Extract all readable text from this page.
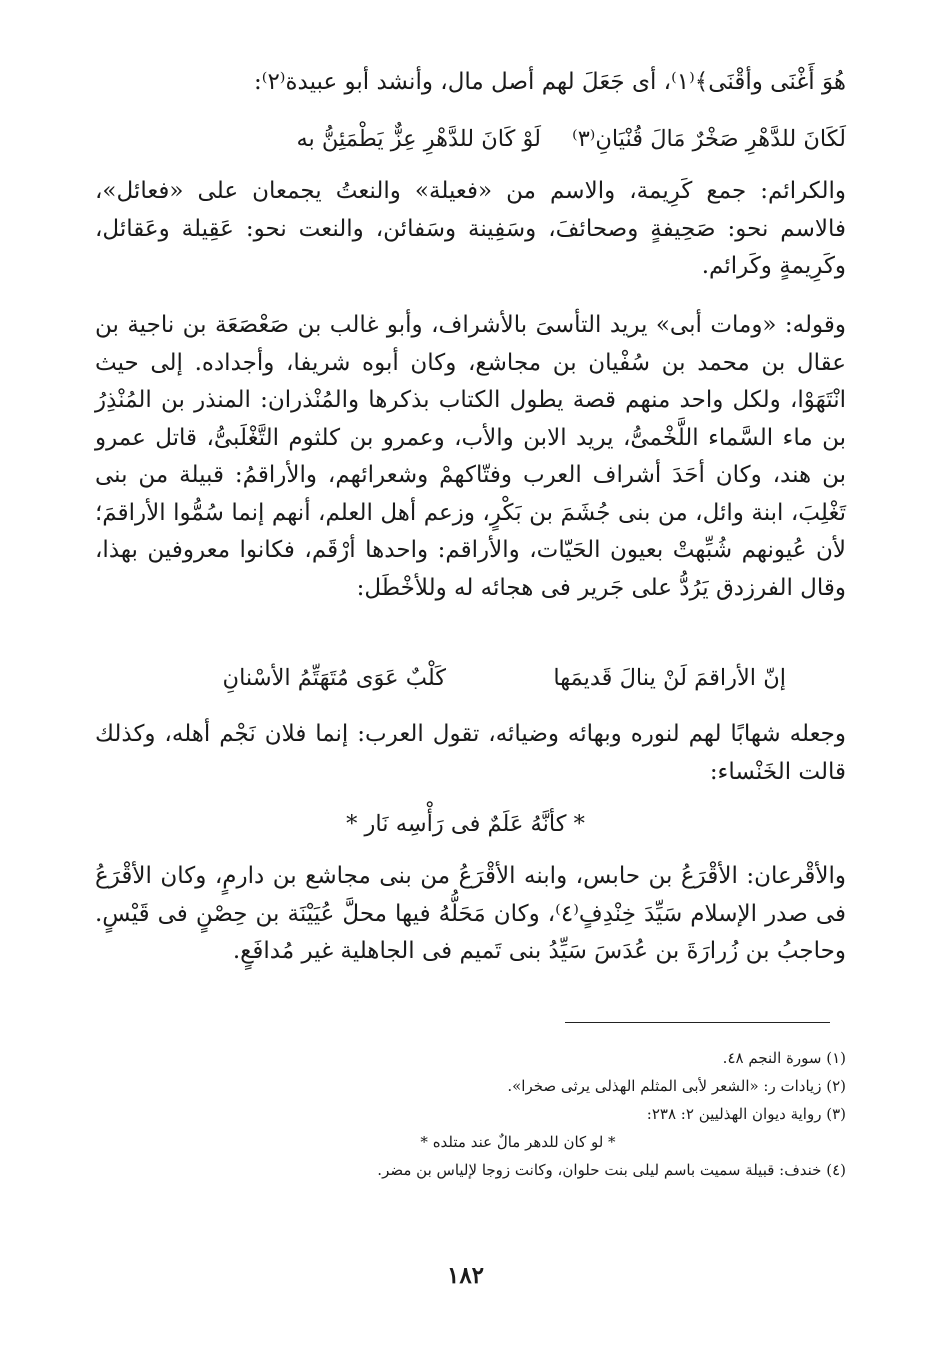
هُوَ أَغْنَى وأقْنَى﴾⁽١⁾، أى جَعَلَ لهم أصل مال، وأنشد أبو عبيدة⁽٢⁾:
لَوْ كَانَ للدَّهْرِ عِزٌّ يَطْمَئِنُّ به لَكَانَ للدَّهْرِ صَخْرٌ مَالَ قُنْيَانِ⁽٣⁾
والكرائم: جمع كَرِيمة، والاسم من «فعيلة» والنعتُ يجمعان على «فعائل»، فالاسم نحو: صَحِيفةٍ وصحائفَ، وسَفِينة وسَفائن، والنعت نحو: عَقِيلة وعَقائل، وكَرِيمةٍ وكَرائم.
وقوله: «ومات أبى» يريد التأسىَ بالأشراف، وأبو غالب بن صَعْصَعَة بن ناجية بن عقال بن محمد بن سُفْيان بن مجاشع، وكان أبوه شريفا، وأجداده. إلى حيث انْتَهَوْا، ولكل واحد منهم قصة يطول الكتاب بذكرها والمُنْذران: المنذر بن المُنْذِرُ بن ماء السَّماء اللَّخْمىُّ، يريد الابن والأب، وعمرو بن كلثوم التَّغْلَبىُّ، قاتل عمرو بن هند، وكان أحَدَ أشراف العرب وفتّاكهمْ وشعرائهم، والأراقمُ: قبيلة من بنى تَغْلِبَ، ابنة وائل، من بنى جُشَمَ بن بَكْرٍ، وزعم أهل العلم، أنهم إنما سُمُّوا الأراقمَ؛ لأن عُيونهم شُبِّهتْ بعيون الحَيّات، والأراقم: واحدها أرْقَم، فكانوا معروفين بهذا، وقال الفرزدق يَرُدُّ على جَرير فى هجائه له وللأخْطَل:
إنّ الأراقمَ لَنْ ينالَ قَديمَها
كَلْبٌ عَوَى مُتَهَتِّمُ الأسْنانِ
وجعله شهابًا لهم لنوره وبهائه وضيائه، تقول العرب: إنما فلان نَجْم أهله، وكذلك قالت الخَنْساء:
* كأنَّهُ عَلَمٌ فى رَأْسِه نَار *
والأقْرعان: الأقْرَعُ بن حابس، وابنه الأقْرَعُ من بنى مجاشع بن دارمٍ، وكان الأقْرَعُ فى صدر الإسلام سَيِّدَ خِنْدِفٍ⁽٤⁾، وكان مَحَلُّهُ فيها محلَّ عُيَيْنَة بن حِصْنٍ فى قَيْسٍ. وحاجبُ بن زُرارَةَ بن عُدَسَ سَيِّدُ بنى تَميم فى الجاهلية غير مُدافَعٍ.
(١) سورة النجم ٤٨.
(٢) زيادات ر: «الشعر لأبى المثلم الهذلى يرثى صخرا».
(٣) رواية ديوان الهذليين ٢: ٢٣٨:
* لو كان للدهر مالٌ عند متلده *
(٤) خندف: قبيلة سميت باسم ليلى بنت حلوان، وكانت زوجا لإلياس بن مضر.
١٨٢
